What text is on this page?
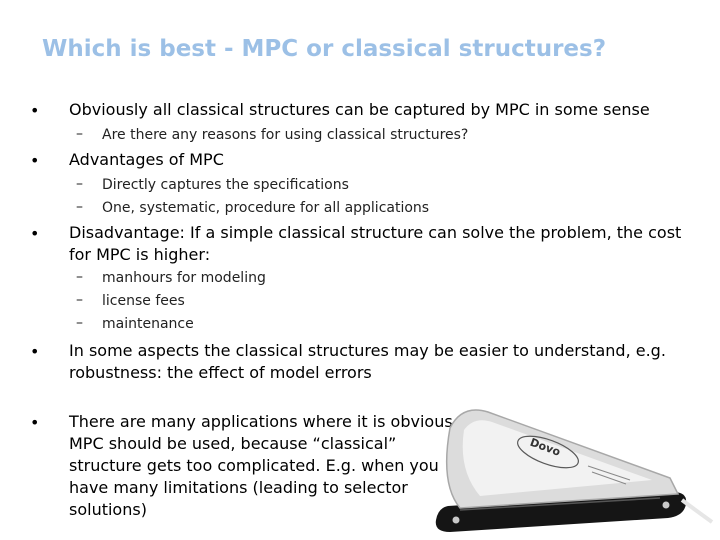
Which is best - MPC or classical structures?
• Obviously all classical structures can be captured by MPC in some sense
– Are there any reasons for using classical structures?
• Advantages of MPC
– Directly captures the specifications
– One, systematic, procedure for all applications
• Disadvantage: If a simple classical structure can solve the problem, the cost for MPC is higher:
– manhours for modeling
– license fees
– maintenance
• In some aspects the classical structures may be easier to understand, e.g. robustness: the effect of model errors
• There are many applications where it is obvious MPC should be used, because “classical” structure gets too complicated. E.g. when you have many limitations (leading to selector solutions)
Dovo
